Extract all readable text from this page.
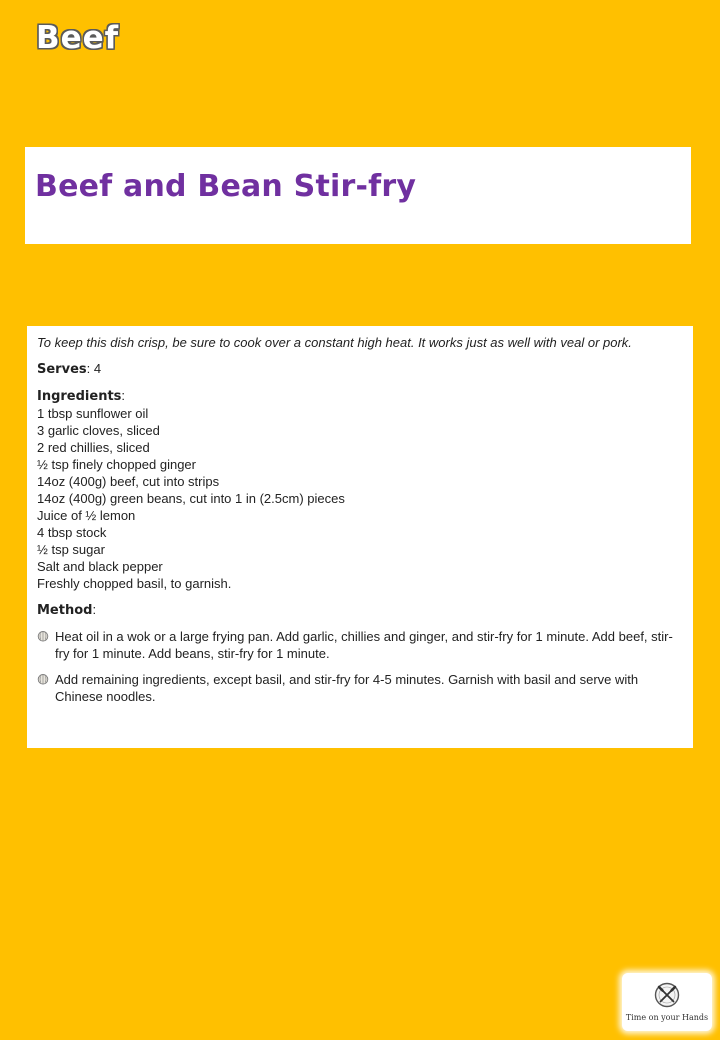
Beef
Beef and Bean Stir-fry

To keep this dish crisp, be sure to cook over a constant high heat. It works just as well with veal or pork.

Serves: 4

Ingredients:

1 tbsp sunflower oil
3 garlic cloves, sliced
2 red chillies, sliced
½ tsp finely chopped ginger
14oz (400g) beef, cut into strips
14oz (400g) green beans, cut into 1 in (2.5cm) pieces
Juice of ½ lemon
4 tbsp stock
½ tsp sugar
Salt and black pepper
Freshly chopped basil, to garnish.

Method:

Heat oil in a wok or a large frying pan. Add garlic, chillies and ginger, and stir-fry for 1 minute. Add beef, stir-fry for 1 minute. Add beans, stir-fry for 1 minute.
Add remaining ingredients, except basil, and stir-fry for 4-5 minutes. Garnish with basil and serve with Chinese noodles.
Time on your Hands
